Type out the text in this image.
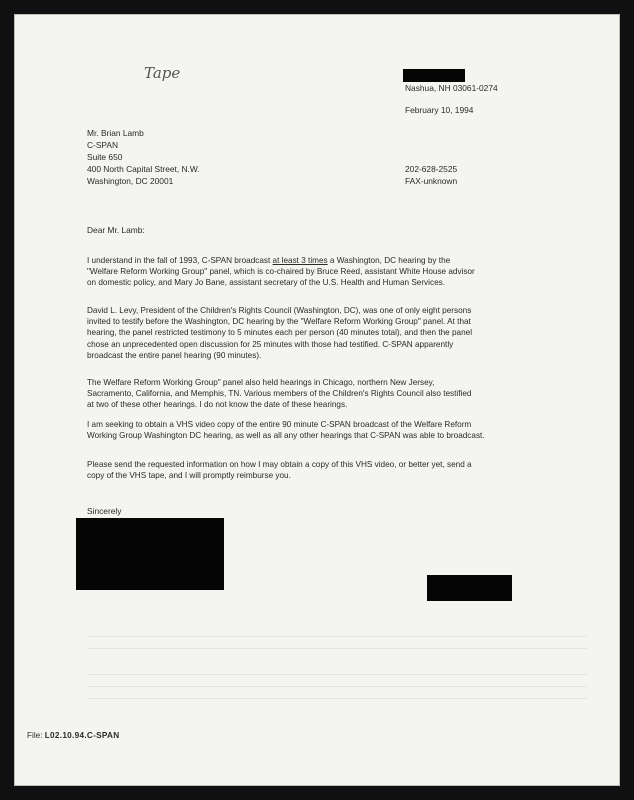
Tape
Nashua, NH 03061-0274
February 10, 1994
Mr. Brian Lamb
C-SPAN
Suite 650
400 North Capital Street, N.W.
Washington, DC 20001
202-628-2525
FAX-unknown
Dear Mr. Lamb:
I understand in the fall of 1993, C-SPAN broadcast at least 3 times a Washington, DC hearing by the
"Welfare Reform Working Group" panel, which is co-chaired by Bruce Reed, assistant White House advisor
on domestic policy, and Mary Jo Bane, assistant secretary of the U.S. Health and Human Services.
David L. Levy, President of the Children's Rights Council (Washington, DC), was one of only eight persons
invited to testify before the Washington, DC hearing by the "Welfare Reform Working Group" panel. At that
hearing, the panel restricted testimony to 5 minutes each per person (40 minutes total), and then the panel
chose an unprecedented open discussion for 25 minutes with those had testified. C-SPAN apparently
broadcast the entire panel hearing (90 minutes).
The Welfare Reform Working Group" panel also held hearings in Chicago, northern New Jersey,
Sacramento, California, and Memphis, TN. Various members of the Children's Rights Council also testified
at two of these other hearings. I do not know the date of these hearings.
I am seeking to obtain a VHS video copy of the entire 90 minute C-SPAN broadcast of the Welfare Reform
Working Group Washington DC hearing, as well as all any other hearings that C-SPAN was able to broadcast.
Please send the requested information on how I may obtain a copy of this VHS video, or better yet, send a
copy of the VHS tape, and I will promptly reimburse you.
Sincerely
File: L02.10.94.C-SPAN
